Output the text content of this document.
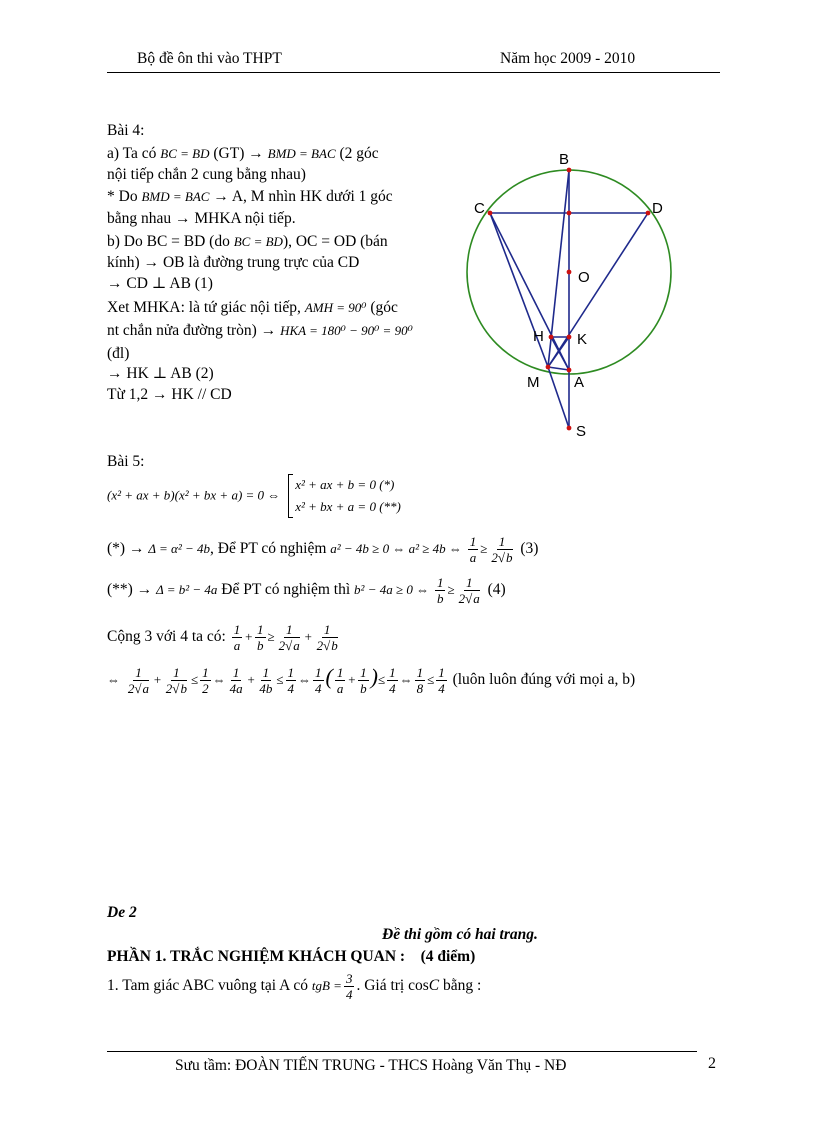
Bộ đề ôn thi vào THPT	Năm học 2009 - 2010
Bài 4:
a) Ta có BC = BD (GT) → BMD = BAC (2 góc
nội tiếp chắn 2 cung bằng nhau)
* Do BMD = BAC → A, M nhìn HK dưới 1 góc
bằng nhau → MHKA nội tiếp.
b) Do BC = BD (do BC = BD), OC = OD (bán
kính) → OB là đường trung trực của CD
→ CD ⊥ AB (1)
Xet MHKA: là tứ giác nội tiếp, AMH = 90⁰ (góc
nt chắn nửa đường tròn) → HKA = 180⁰ − 90⁰ = 90⁰
(đl)
→ HK ⊥ AB (2)
Từ 1,2 → HK // CD
B
C	D
O
H K
M A
S
Bài 5:
(x² + ax + b)(x² + bx + a) = 0 ⇔
x² + ax + b = 0 (*)
x² + bx + a = 0 (**)
(*) → Δ = α² − 4b, Để PT có nghiệm a² − 4b ≥ 0 ⇔ a² ≥ 4b ⇔ $\frac{1}{a} \ge \frac{1}{2√b} (3)$
(**) → Δ = b² − 4a Để PT có nghiệm thì b² − 4a ≥ 0 ⇔ $\frac{1}{b} \ge \frac{1}{2√a} (4)$
Cộng 3 với 4 ta có: $\frac{1}{a} + \frac{1}{b} \ge \frac{1}{2√a} + \frac{1}{2√b}$
⇔ $\frac{1}{2√a} + \frac{1}{2√b} \le \frac{1}{2}$ ⇔ $\frac{1}{4a} + \frac{1}{4b} \le \frac{1}{4}$ ⇔ $\frac{1}{4}$ ( $\frac{1}{a} + \frac{1}{b}$ )≤ $\frac{1}{4}$ ⇔ $\frac{1}{8} \le \frac{1}{4}$ (luôn luôn đúng với mọi a, b)
De 2
Đề thi gồm có hai trang.
PHẦN 1. TRẮC NGHIỆM KHÁCH QUAN : (4 điểm)
1. Tam giác ABC vuông tại A có tgB = $\frac{3}{4}$ . Giá trị cosC bằng :
Sưu tầm: ĐOÀN TIẾN TRUNG - THCS Hoàng Văn Thụ - NĐ	2
